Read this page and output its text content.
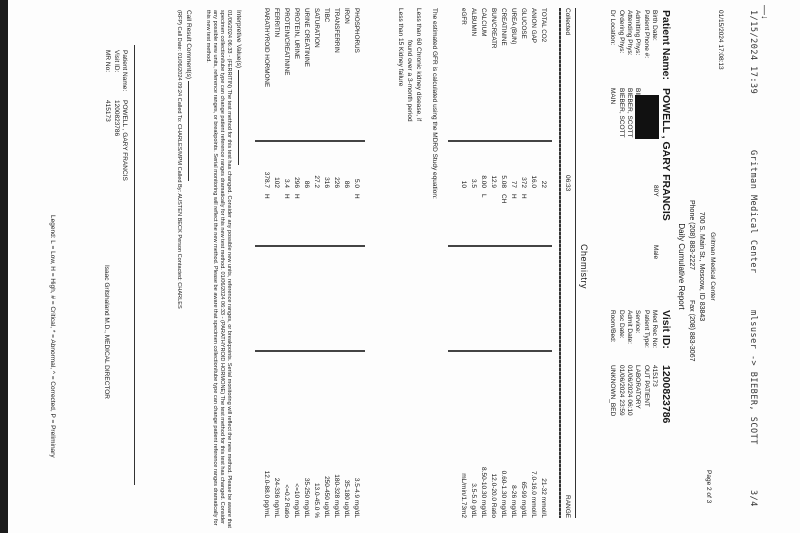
1/15/2024 17:39
Gritman Medical Center
mlsuser -> BIEBER, SCOTT
3/4
––↓
01/15/2024 17:08:13
Page 2 of 3
Gritman Medical Center
700 S. Main St., Moscow, ID 83843
Phone (208) 883-2227
Fax (208) 883-3067
Daily Cumulative Report
Patient Name:
Birth Date:
Patient Phone #:
Admitting Phys:
Attending Phys:
Ordering Phys:
Dr Location:
POWELL , GARY FRANCIS

BIEBER, SCOTT
BIEBER, SCOTT
MAIN
80Y
Male
Visit ID:
Med Rec No:
Patient Type:
Service:
Admit Date:
Dsc Date:
Room/Bed:
1200823786
415173
OUT PATIENT
LABORATORY
01/06/2024 06:10
01/06/2024 23:59
UNKNOWN_BED
Chemistry
Collected
06:33
RANGE
TOTAL CO2
22
21-32 mmol/L
ANION GAP
16.0
7.0-16.0 mmol/L
GLUCOSE
372
H
65-99 mg/dL
UREA (BUN)
77
H
8-26 mg/dL
CREATININE
5.08
CH
0.60-1.30 mg/dL
BUN/CREATR
12.9
12.0-20.0 Ratio
CALCIUM
8.00
L
8.50-10.30 mg/dL
ALBUMIN
3.5
3.5-5.0 g/dL
eGFR
10
mL/min/1.73m2
The estimated GFR is calculated using the MDRD Study equation:
Less than 60 Chronic kidney disease, if
found over a 3-month period
Less than 15 Kidney failure
PHOSPHORUS
5.0
H
3.5-4.9 mg/dL
IRON
86
35-180 ug/dL
TRANSFERRIN
226
180-328 mg/dL
TIBC
316
250-450 ug/dL
SATURATION
27.2
13.0-45.0 %
URINE CREATININE
86
35-250 mg/dL
PROTEIN, URINE
296
H
<=10 mg/dL
PROTEIN/CREATININE
3.4
H
<=0.2 Ratio
FERRITIN
102
24-336 ng/mL
PARATHYROID HORMONE
378.7
H
12.0-88.0 pg/mL
Interpretive Value(s)
01/06/2024 06:33 - (FERRITIN) The test method for this test has changed. Consider any possible new units, reference ranges, or breakpoints. Serial monitoring will reflect the new method. Please be aware that specimen collection/tube type can change patient reference ranges dramatically for this new test method. 01/06/2024 06:33 - (PARATHYROID HORMONE) The test method for this test has changed. Consider any possible new units, reference ranges, or breakpoints. Serial monitoring will reflect the new method. Please be aware that specimen collection/tube type can change patient reference ranges dramatically for this new test method.
Call Result Comment(s)
(RFP) Call Date: 01/06/2024 09:24 Called To: CHARLES/MPM Called By: AUSTEN BECK Person Contacted: CHARLES
Patient Name:
Visit ID:
MR No:
POWELL , GARY FRANCIS
1200823786
415173
Isaac Gritshaland M.D., MEDICAL DIRECTOR
Legend: L = Low, H = High, # = Critical, * = Abnormal, ^ = Corrected, P = Preliminary
